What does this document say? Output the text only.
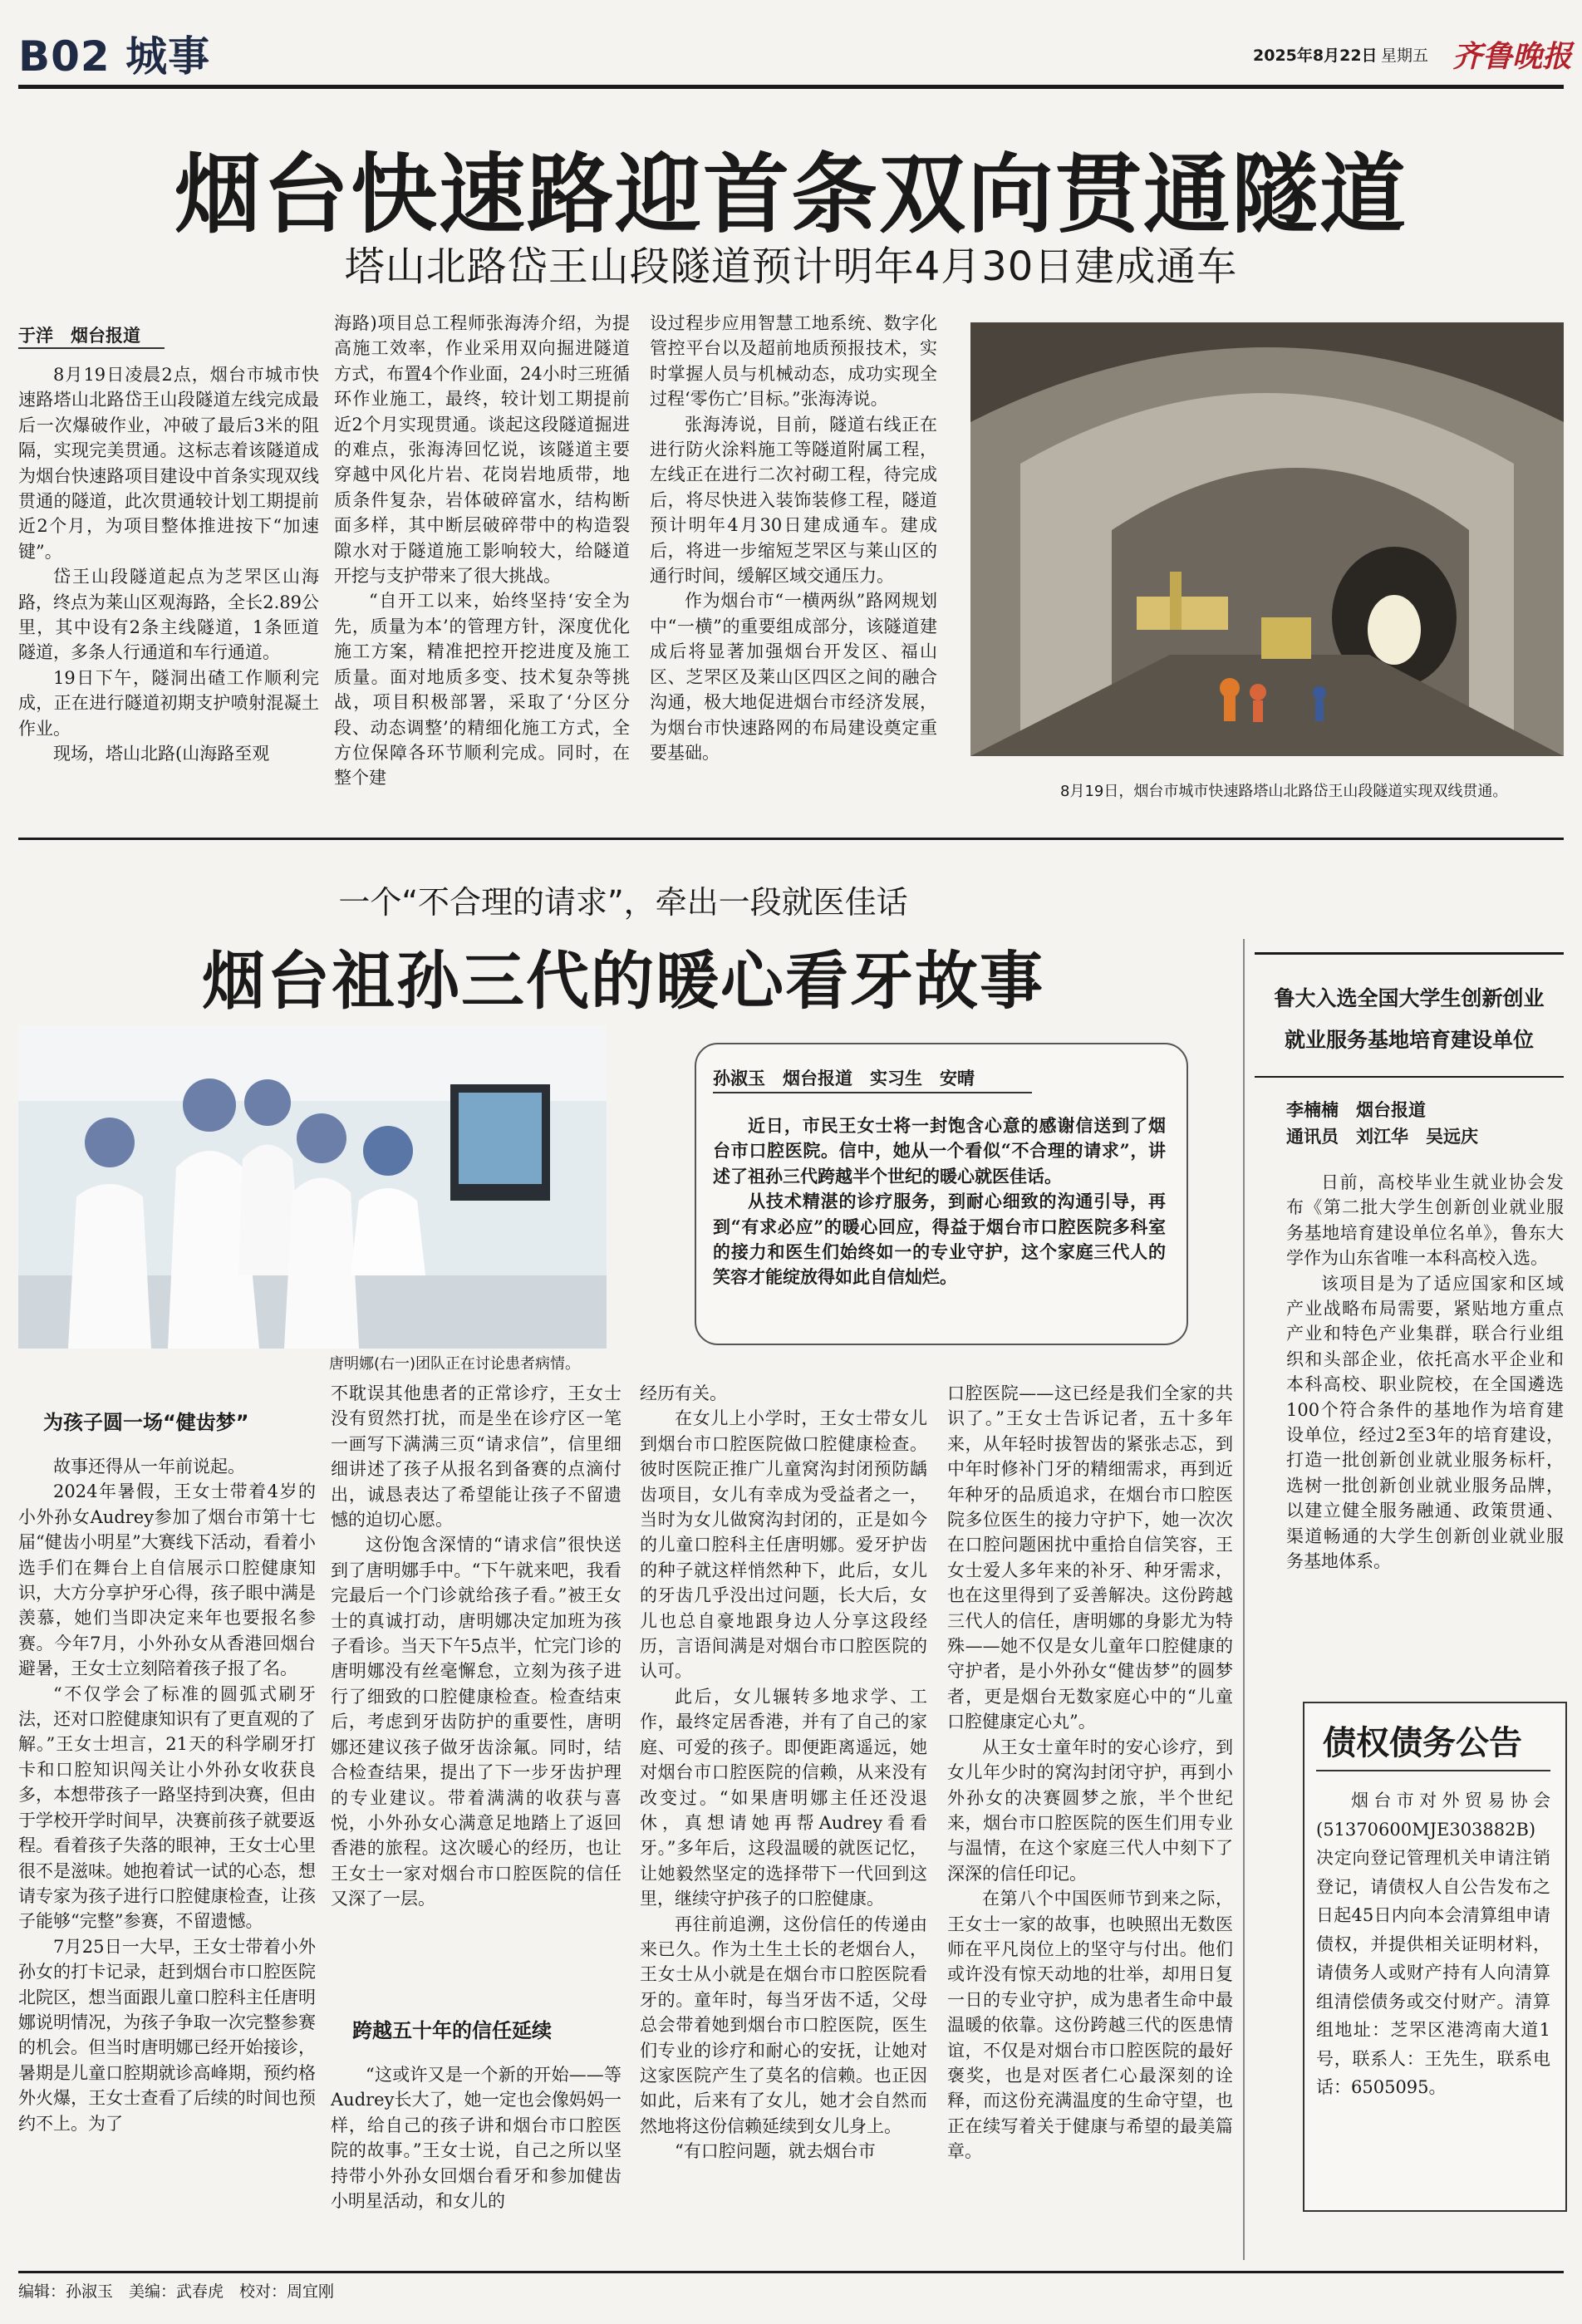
B02 城事	2025年8月22日 星期五 齐鲁晚报
烟台快速路迎首条双向贯通隧道
塔山北路岱王山段隧道预计明年4月30日建成通车
于洋　烟台报道

8月19日凌晨2点，烟台市城市快速路塔山北路岱王山段隧道左线完成最后一次爆破作业，冲破了最后3米的阻隔，实现完美贯通。这标志着该隧道成为烟台快速路项目建设中首条实现双线贯通的隧道，此次贯通较计划工期提前近2个月，为项目整体推进按下“加速键”。

岱王山段隧道起点为芝罘区山海路，终点为莱山区观海路，全长2.89公里，其中设有2条主线隧道，1条匝道隧道，多条人行通道和车行通道。

19日下午，隧洞出碴工作顺利完成，正在进行隧道初期支护喷射混凝土作业。

现场，塔山北路(山海路至观

海路)项目总工程师张海涛介绍，为提高施工效率，作业采用双向掘进隧道方式，布置4个作业面，24小时三班循环作业施工，最终，较计划工期提前近2个月实现贯通。谈起这段隧道掘进的难点，张海涛回忆说，该隧道主要穿越中风化片岩、花岗岩地质带，地质条件复杂，岩体破碎富水，结构断面多样，其中断层破碎带中的构造裂隙水对于隧道施工影响较大，给隧道开挖与支护带来了很大挑战。

“自开工以来，始终坚持‘安全为先，质量为本’的管理方针，深度优化施工方案，精准把控开挖进度及施工质量。面对地质多变、技术复杂等挑战，项目积极部署，采取了‘分区分段、动态调整’的精细化施工方式，全方位保障各环节顺利完成。同时，在整个建

设过程步应用智慧工地系统、数字化管控平台以及超前地质预报技术，实时掌握人员与机械动态，成功实现全过程‘零伤亡’目标。”张海涛说。

张海涛说，目前，隧道右线正在进行防火涂料施工等隧道附属工程，左线正在进行二次衬砌工程，待完成后，将尽快进入装饰装修工程，隧道预计明年4月30日建成通车。建成后，将进一步缩短芝罘区与莱山区的通行时间，缓解区域交通压力。

作为烟台市“一横两纵”路网规划中“一横”的重要组成部分，该隧道建成后将显著加强烟台开发区、福山区、芝罘区及莱山区四区之间的融合沟通，极大地促进烟台市经济发展，为烟台市快速路网的布局建设奠定重要基础。

8月19日，烟台市城市快速路塔山北路岱王山段隧道实现双线贯通。
一个“不合理的请求”，牵出一段就医佳话
烟台祖孙三代的暖心看牙故事
唐明娜(右一)团队正在讨论患者病情。
孙淑玉　烟台报道　实习生　安晴

近日，市民王女士将一封饱含心意的感谢信送到了烟台市口腔医院。信中，她从一个看似“不合理的请求”，讲述了祖孙三代跨越半个世纪的暖心就医佳话。

从技术精湛的诊疗服务，到耐心细致的沟通引导，再到“有求必应”的暖心回应，得益于烟台市口腔医院多科室的接力和医生们始终如一的专业守护，这个家庭三代人的笑容才能绽放得如此自信灿烂。

为孩子圆一场“健齿梦”

故事还得从一年前说起。

2024年暑假，王女士带着4岁的小外孙女Audrey参加了烟台市第十七届“健齿小明星”大赛线下活动，看着小选手们在舞台上自信展示口腔健康知识，大方分享护牙心得，孩子眼中满是羡慕，她们当即决定来年也要报名参赛。今年7月，小外孙女从香港回烟台避暑，王女士立刻陪着孩子报了名。

“不仅学会了标准的圆弧式刷牙法，还对口腔健康知识有了更直观的了解。”王女士坦言，21天的科学刷牙打卡和口腔知识闯关让小外孙女收获良多，本想带孩子一路坚持到决赛，但由于学校开学时间早，决赛前孩子就要返程。看着孩子失落的眼神，王女士心里很不是滋味。她抱着试一试的心态，想请专家为孩子进行口腔健康检查，让孩子能够“完整”参赛，不留遗憾。

7月25日一大早，王女士带着小外孙女的打卡记录，赶到烟台市口腔医院北院区，想当面跟儿童口腔科主任唐明娜说明情况，为孩子争取一次完整参赛的机会。但当时唐明娜已经开始接诊，暑期是儿童口腔期就诊高峰期，预约格外火爆，王女士查看了后续的时间也预约不上。为了

不耽误其他患者的正常诊疗，王女士没有贸然打扰，而是坐在诊疗区一笔一画写下满满三页“请求信”，信里细细讲述了孩子从报名到备赛的点滴付出，诚恳表达了希望能让孩子不留遗憾的迫切心愿。

这份饱含深情的“请求信”很快送到了唐明娜手中。“下午就来吧，我看完最后一个门诊就给孩子看。”被王女士的真诚打动，唐明娜决定加班为孩子看诊。当天下午5点半，忙完门诊的唐明娜没有丝毫懈怠，立刻为孩子进行了细致的口腔健康检查。检查结束后，考虑到牙齿防护的重要性，唐明娜还建议孩子做牙齿涂氟。同时，结合检查结果，提出了下一步牙齿护理的专业建议。带着满满的收获与喜悦，小外孙女心满意足地踏上了返回香港的旅程。这次暖心的经历，也让王女士一家对烟台市口腔医院的信任又深了一层。

跨越五十年的信任延续

“这或许又是一个新的开始——等Audrey长大了，她一定也会像妈妈一样，给自己的孩子讲和烟台市口腔医院的故事。”王女士说，自己之所以坚持带小外孙女回烟台看牙和参加健齿小明星活动，和女儿的

经历有关。

在女儿上小学时，王女士带女儿到烟台市口腔医院做口腔健康检查。彼时医院正推广儿童窝沟封闭预防龋齿项目，女儿有幸成为受益者之一，当时为女儿做窝沟封闭的，正是如今的儿童口腔科主任唐明娜。爱牙护齿的种子就这样悄然种下，此后，女儿的牙齿几乎没出过问题，长大后，女儿也总自豪地跟身边人分享这段经历，言语间满是对烟台市口腔医院的认可。

此后，女儿辗转多地求学、工作，最终定居香港，并有了自己的家庭、可爱的孩子。即便距离遥远，她对烟台市口腔医院的信赖，从来没有改变过。“如果唐明娜主任还没退休，真想请她再帮Audrey看看牙。”多年后，这段温暖的就医记忆，让她毅然坚定的选择带下一代回到这里，继续守护孩子的口腔健康。

再往前追溯，这份信任的传递由来已久。作为土生土长的老烟台人，王女士从小就是在烟台市口腔医院看牙的。童年时，每当牙齿不适，父母总会带着她到烟台市口腔医院，医生们专业的诊疗和耐心的安抚，让她对这家医院产生了莫名的信赖。也正因如此，后来有了女儿，她才会自然而然地将这份信赖延续到女儿身上。

“有口腔问题，就去烟台市

口腔医院——这已经是我们全家的共识了。”王女士告诉记者，五十多年来，从年轻时拔智齿的紧张忐忑，到中年时修补门牙的精细需求，再到近年种牙的品质追求，在烟台市口腔医院多位医生的接力守护下，她一次次在口腔问题困扰中重拾自信笑容，王女士爱人多年来的补牙、种牙需求，也在这里得到了妥善解决。这份跨越三代人的信任，唐明娜的身影尤为特殊——她不仅是女儿童年口腔健康的守护者，是小外孙女“健齿梦”的圆梦者，更是烟台无数家庭心中的“儿童口腔健康定心丸”。

从王女士童年时的安心诊疗，到女儿年少时的窝沟封闭守护，再到小外孙女的决赛圆梦之旅，半个世纪来，烟台市口腔医院的医生们用专业与温情，在这个家庭三代人中刻下了深深的信任印记。

在第八个中国医师节到来之际，王女士一家的故事，也映照出无数医师在平凡岗位上的坚守与付出。他们或许没有惊天动地的壮举，却用日复一日的专业守护，成为患者生命中最温暖的依靠。这份跨越三代的医患情谊，不仅是对烟台市口腔医院的最好褒奖，也是对医者仁心最深刻的诠释，而这份充满温度的生命守望，也正在续写着关于健康与希望的最美篇章。

鲁大入选全国大学生创新创业
就业服务基地培育建设单位
李楠楠　烟台报道
通讯员　刘江华　吴远庆

日前，高校毕业生就业协会发布《第二批大学生创新创业就业服务基地培育建设单位名单》，鲁东大学作为山东省唯一本科高校入选。

该项目是为了适应国家和区域产业战略布局需要，紧贴地方重点产业和特色产业集群，联合行业组织和头部企业，依托高水平企业和本科高校、职业院校，在全国遴选100个符合条件的基地作为培育建设单位，经过2至3年的培育建设，打造一批创新创业就业服务标杆，选树一批创新创业就业服务品牌，以建立健全服务融通、政策贯通、渠道畅通的大学生创新创业就业服务基地体系。

债权债务公告

烟台市对外贸易协会(51370600MJE303882B)决定向登记管理机关申请注销登记，请债权人自公告发布之日起45日内向本会清算组申请债权，并提供相关证明材料，请债务人或财产持有人向清算组清偿债务或交付财产。清算组地址：芝罘区港湾南大道1号，联系人：王先生，联系电话：6505095。

编辑：孙淑玉　美编：武春虎　校对：周宜刚
